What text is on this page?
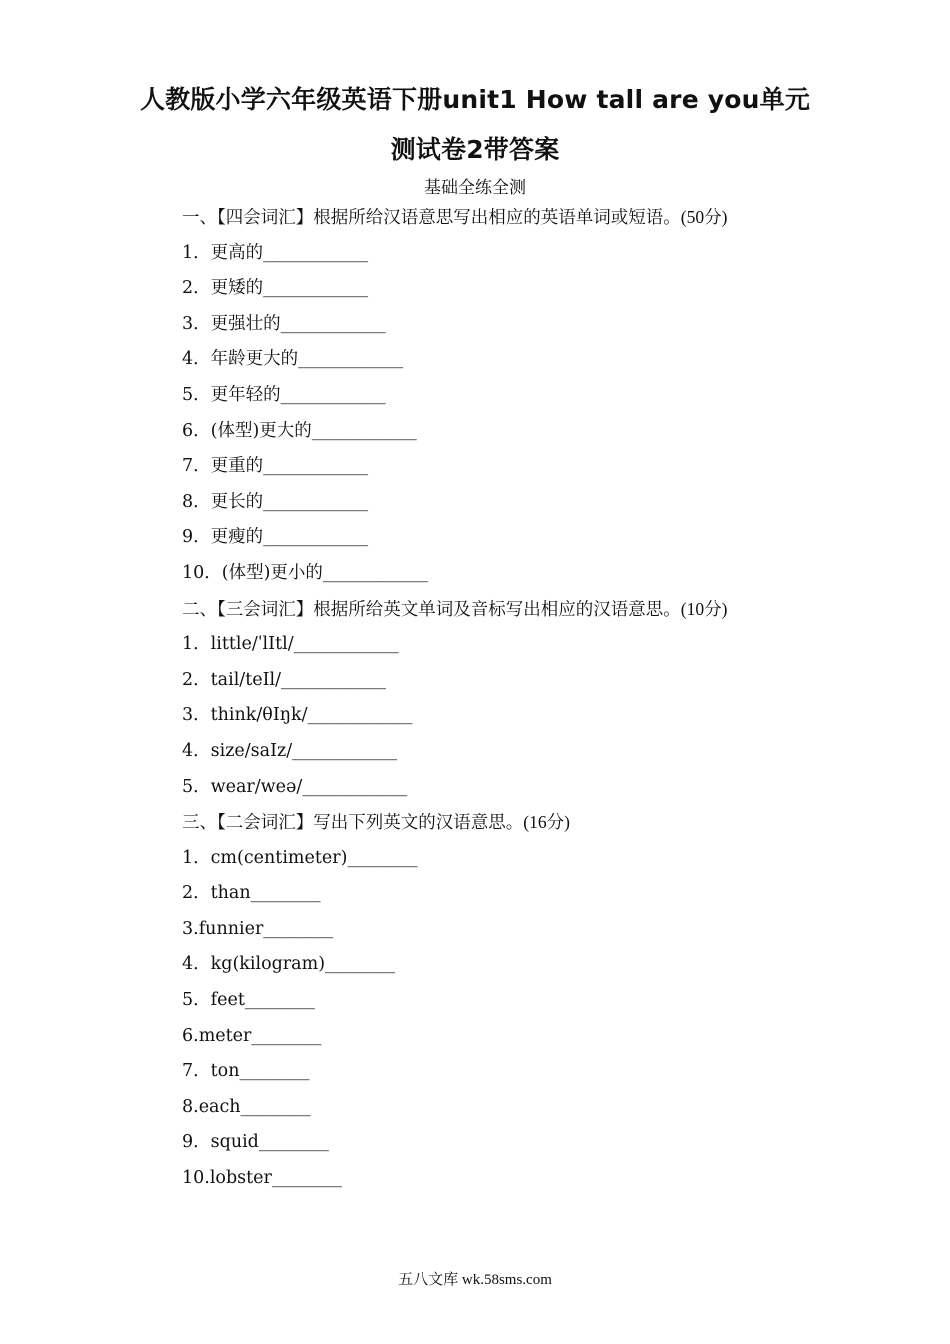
人教版小学六年级英语下册unit1 How tall are you单元
测试卷2带答案
基础全练全测
一、【四会词汇】根据所给汉语意思写出相应的英语单词或短语。(50分)
1．更高的____________
2．更矮的____________
3．更强壮的____________
4．年龄更大的____________
5．更年轻的____________
6．(体型)更大的____________
7．更重的____________
8．更长的____________
9．更瘦的____________
10．(体型)更小的____________
二、【三会词汇】根据所给英文单词及音标写出相应的汉语意思。(10分)
1．little/ˈlItl/____________
2．tail/teIl/____________
3．think/θIŋk/____________
4．size/saIz/____________
5．wear/weə/____________
三、【二会词汇】写出下列英文的汉语意思。(16分)
1．cm(centimeter)________
2．than________
3.funnier________
4．kg(kilogram)________
5．feet________
6.meter________
7．ton________
8.each________
9．squid________
10.lobster________
五八文库 wk.58sms.com
